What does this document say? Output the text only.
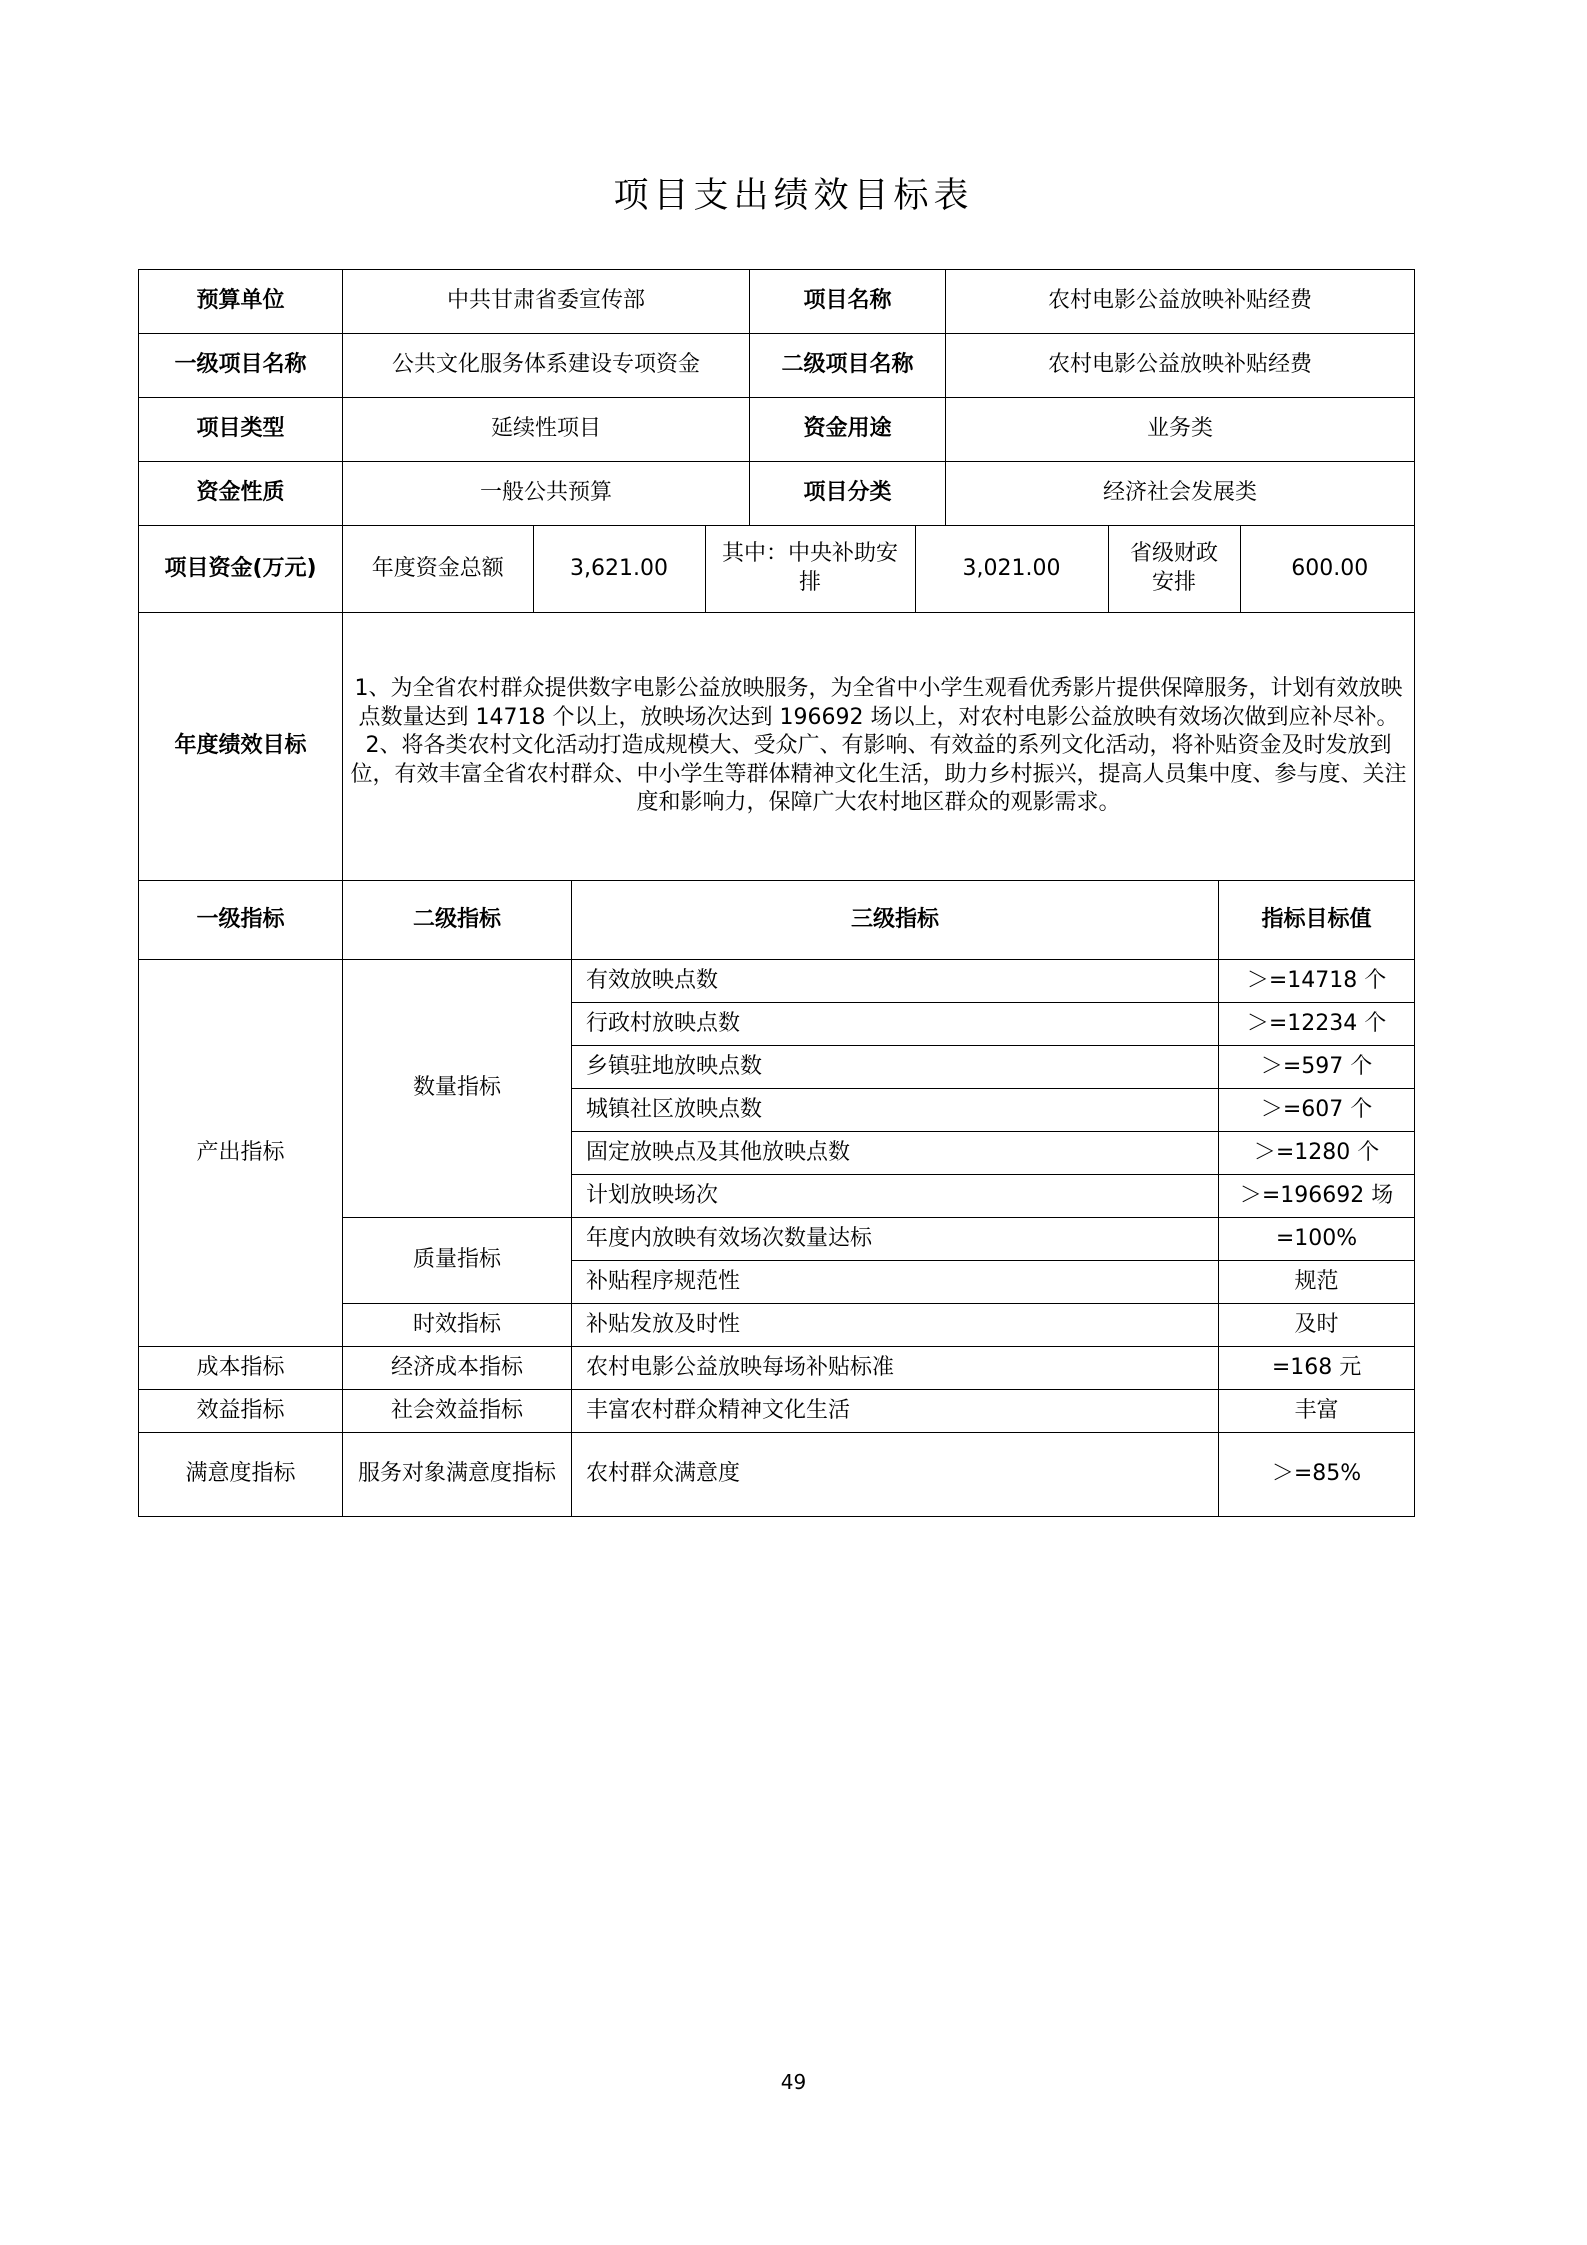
项目支出绩效目标表
预算单位	中共甘肃省委宣传部	项目名称	农村电影公益放映补贴经费
一级项目名称	公共文化服务体系建设专项资金	二级项目名称	农村电影公益放映补贴经费
项目类型	延续性项目	资金用途	业务类
资金性质	一般公共预算	项目分类	经济社会发展类
项目资金(万元)		年度资金总额	3,621.00	其中：中央补助安排	3,021.00	省级财政安排	600.00

年度绩效目标	1、为全省农村群众提供数字电影公益放映服务，为全省中小学生观看优秀影片提供保障服务，计划有效放映点数量达到 14718 个以上，放映场次达到 196692 场以上，对农村电影公益放映有效场次做到应补尽补。2、将各类农村文化活动打造成规模大、受众广、有影响、有效益的系列文化活动，将补贴资金及时发放到位，有效丰富全省农村群众、中小学生等群体精神文化生活，助力乡村振兴，提高人员集中度、参与度、关注度和影响力，保障广大农村地区群众的观影需求。
一级指标	二级指标	三级指标	指标目标值
产出指标	数量指标	有效放映点数	＞=14718 个
行政村放映点数	＞=12234 个
乡镇驻地放映点数	＞=597 个
城镇社区放映点数	＞=607 个
固定放映点及其他放映点数	＞=1280 个
计划放映场次	＞=196692 场
质量指标	年度内放映有效场次数量达标	=100%
补贴程序规范性	规范
时效指标	补贴发放及时性	及时
成本指标	经济成本指标	农村电影公益放映每场补贴标准	=168 元
效益指标	社会效益指标	丰富农村群众精神文化生活	丰富
满意度指标	服务对象满意度指标	农村群众满意度	＞=85%
49
